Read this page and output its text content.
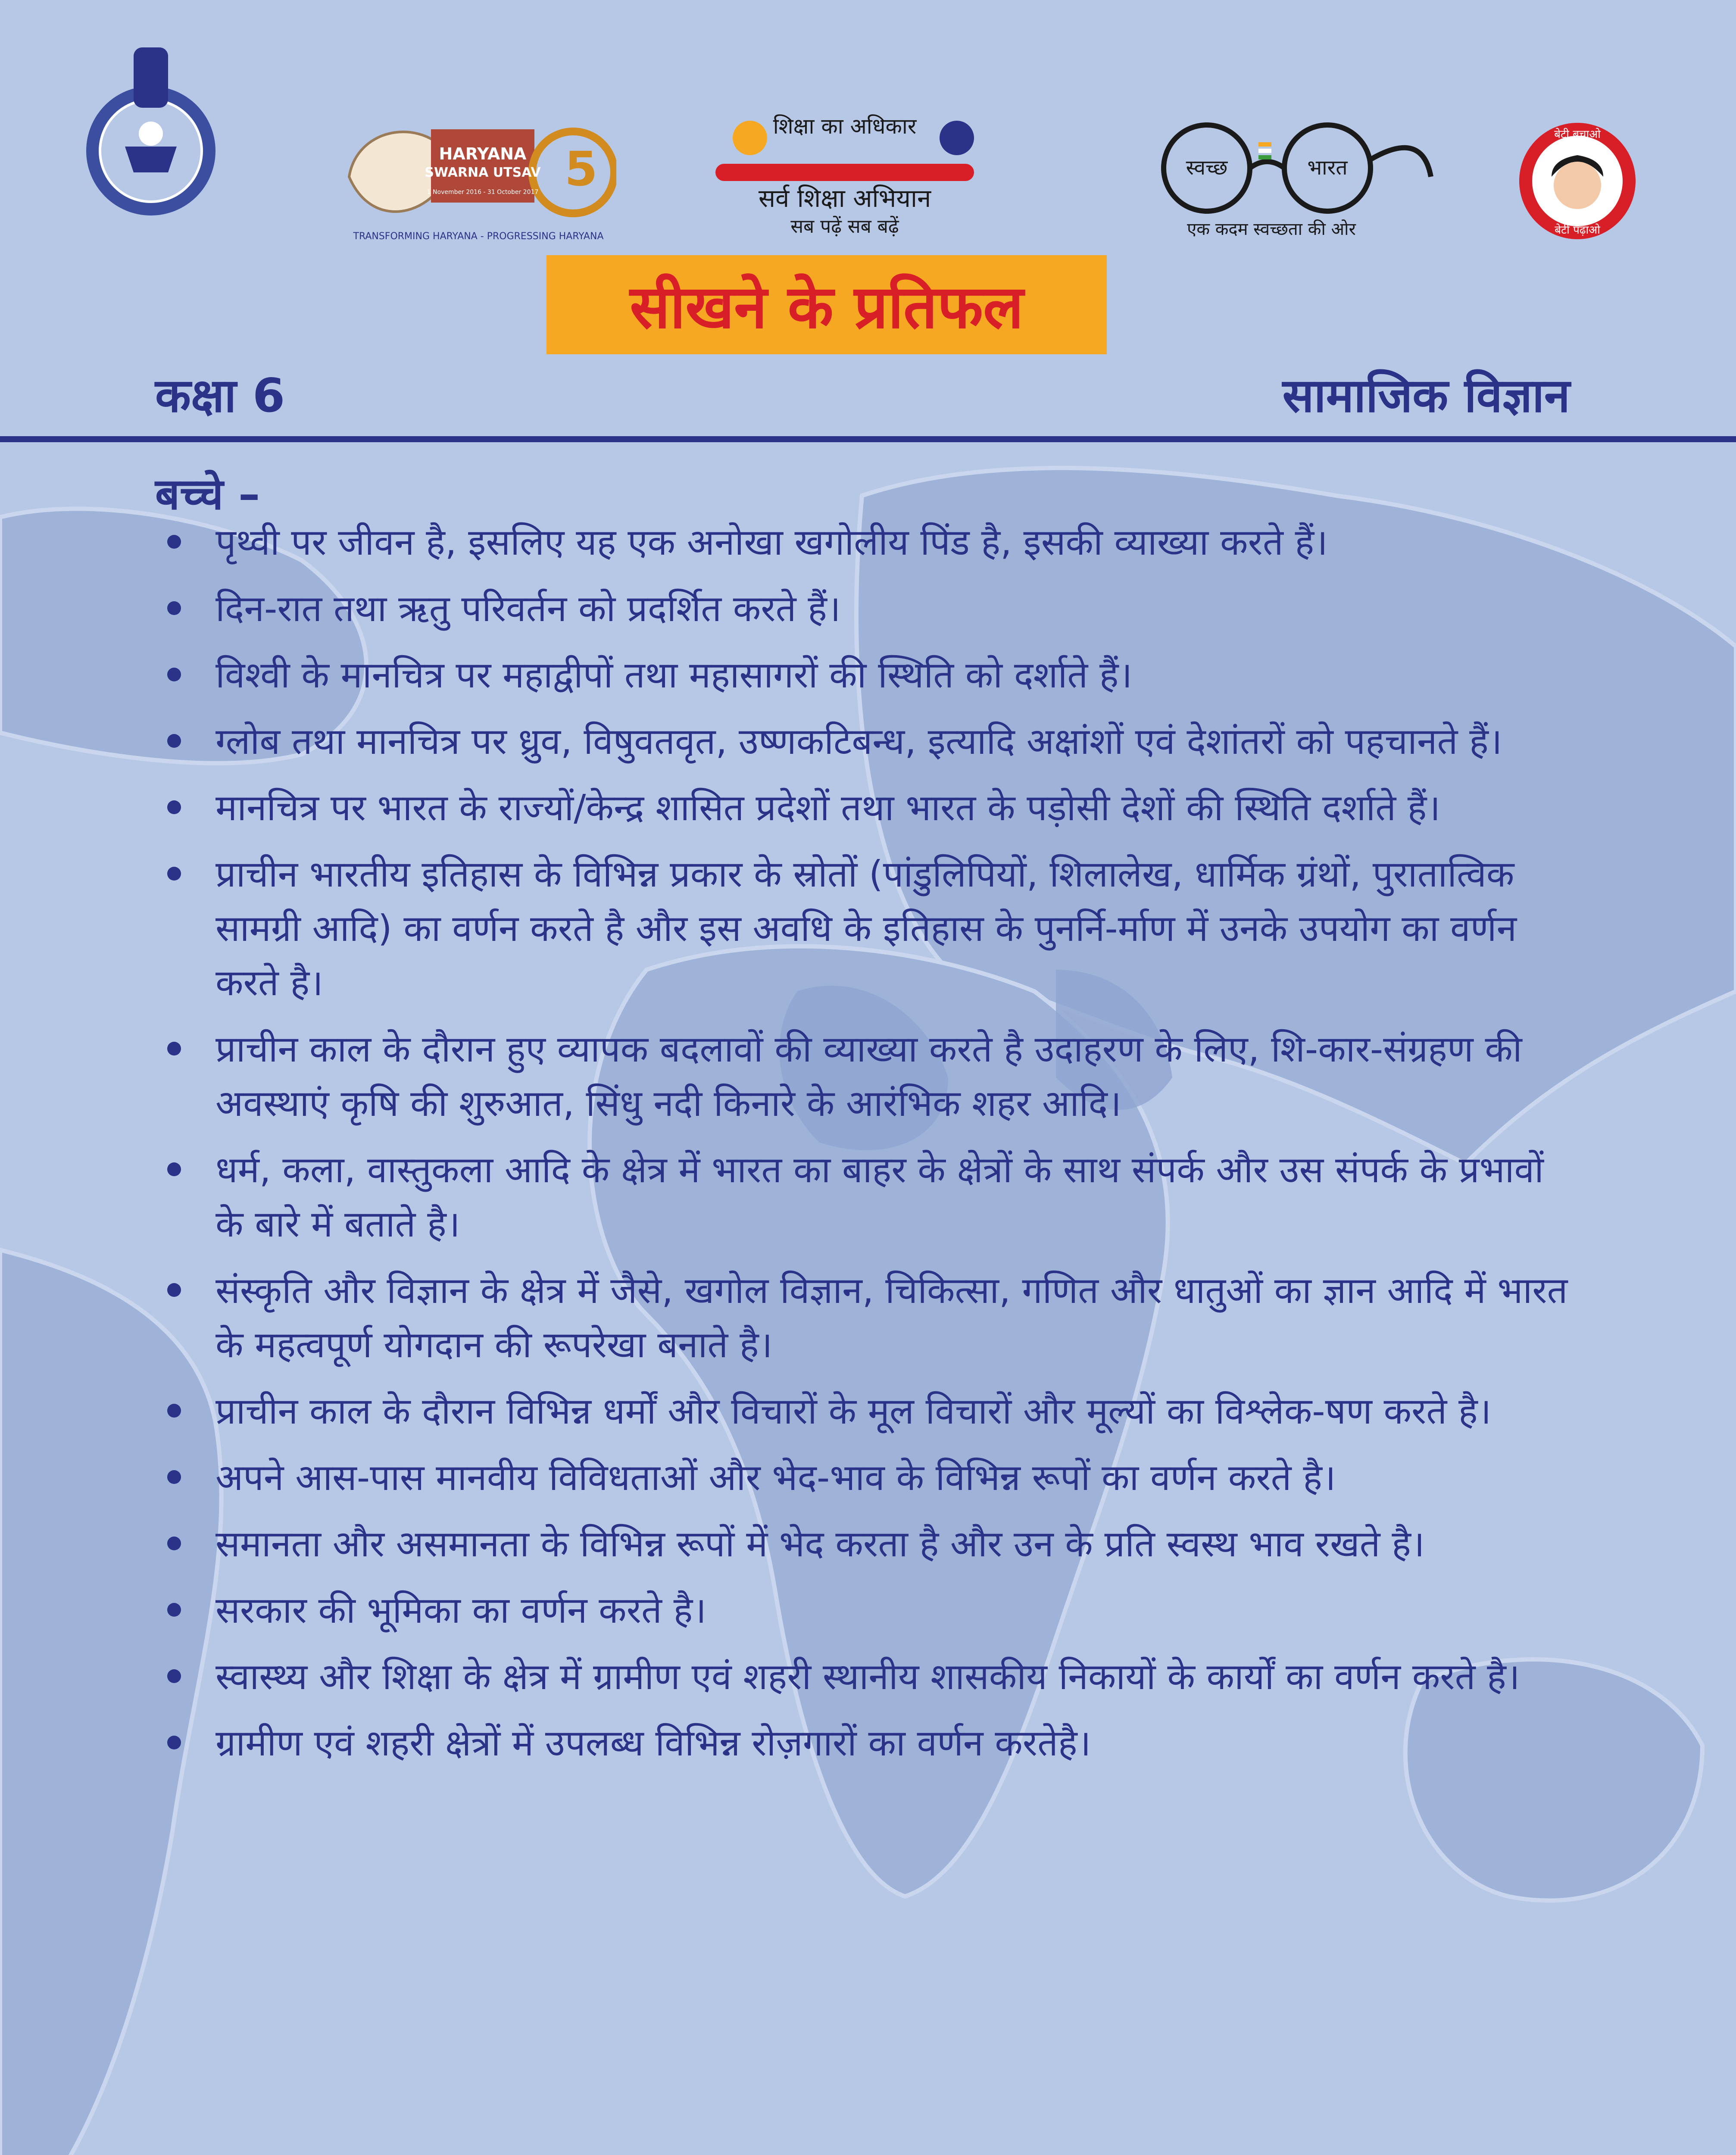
5
HARYANA
SWARNA UTSAV
1 November 2016 - 31 October 2017
TRANSFORMING HARYANA - PROGRESSING HARYANA
शिक्षा का अधिकार
सर्व शिक्षा अभियान
सब पढ़ें सब बढ़ें
स्वच्छ	भारत
एक कदम स्वच्छता की ओर
बेटी बचाओ
बेटी पढ़ाओ
सीखने के प्रतिफल
कक्षा 6	सामाजिक विज्ञान
बच्चे –
पृथ्वी पर जीवन है, इसलिए यह एक अनोखा खगोलीय पिंड है, इसकी व्याख्या करते हैं।
दिन-रात तथा ऋतु परिवर्तन को प्रदर्शित करते हैं।
विश्वी के मानचित्र पर महाद्वीपों तथा महासागरों की स्थिति को दर्शाते हैं।
ग्लोब तथा मानचित्र पर ध्रुव, विषुवतवृत, उष्णकटिबन्ध, इत्यादि अक्षांशों एवं देशांतरों को पहचानते हैं।
मानचित्र पर भारत के राज्यों/केन्द्र शासित प्रदेशों तथा भारत के पड़ोसी देशों की स्थिति दर्शाते हैं।
प्राचीन भारतीय इतिहास के विभिन्न प्रकार के स्रोतों (पांडुलिपियों, शिलालेख, धार्मिक ग्रंथों, पुरातात्विक सामग्री आदि) का वर्णन करते है और इस अवधि के इतिहास के पुनर्नि-र्माण में उनके उपयोग का वर्णन करते है।
प्राचीन काल के दौरान हुए व्यापक बदलावों की व्याख्या करते है उदाहरण के लिए, शि-कार-संग्रहण की अवस्थाएं कृषि की शुरुआत, सिंधु नदी किनारे के आरंभिक शहर आदि।
धर्म, कला, वास्तुकला आदि के क्षेत्र में भारत का बाहर के क्षेत्रों के साथ संपर्क और उस संपर्क के प्रभावों के बारे में बताते है।
संस्कृति और विज्ञान के क्षेत्र में जैसे, खगोल विज्ञान, चिकित्सा, गणित और धातुओं का ज्ञान आदि में भारत के महत्वपूर्ण योगदान की रूपरेखा बनाते है।
प्राचीन काल के दौरान विभिन्न धर्मों और विचारों के मूल विचारों और मूल्यों का विश्लेक-षण करते है।
अपने आस-पास मानवीय विविधताओं और भेद-भाव के विभिन्न रूपों का वर्णन करते है।
समानता और असमानता के विभिन्न रूपों में भेद करता है और उन के प्रति स्वस्थ भाव रखते है।
सरकार की भूमिका का वर्णन करते है।
स्वास्थ्य और शिक्षा के क्षेत्र में ग्रामीण एवं शहरी स्थानीय शासकीय निकायों के कार्यों का वर्णन करते है।
ग्रामीण एवं शहरी क्षेत्रों में उपलब्ध विभिन्न रोज़गारों का वर्णन करतेहै।
